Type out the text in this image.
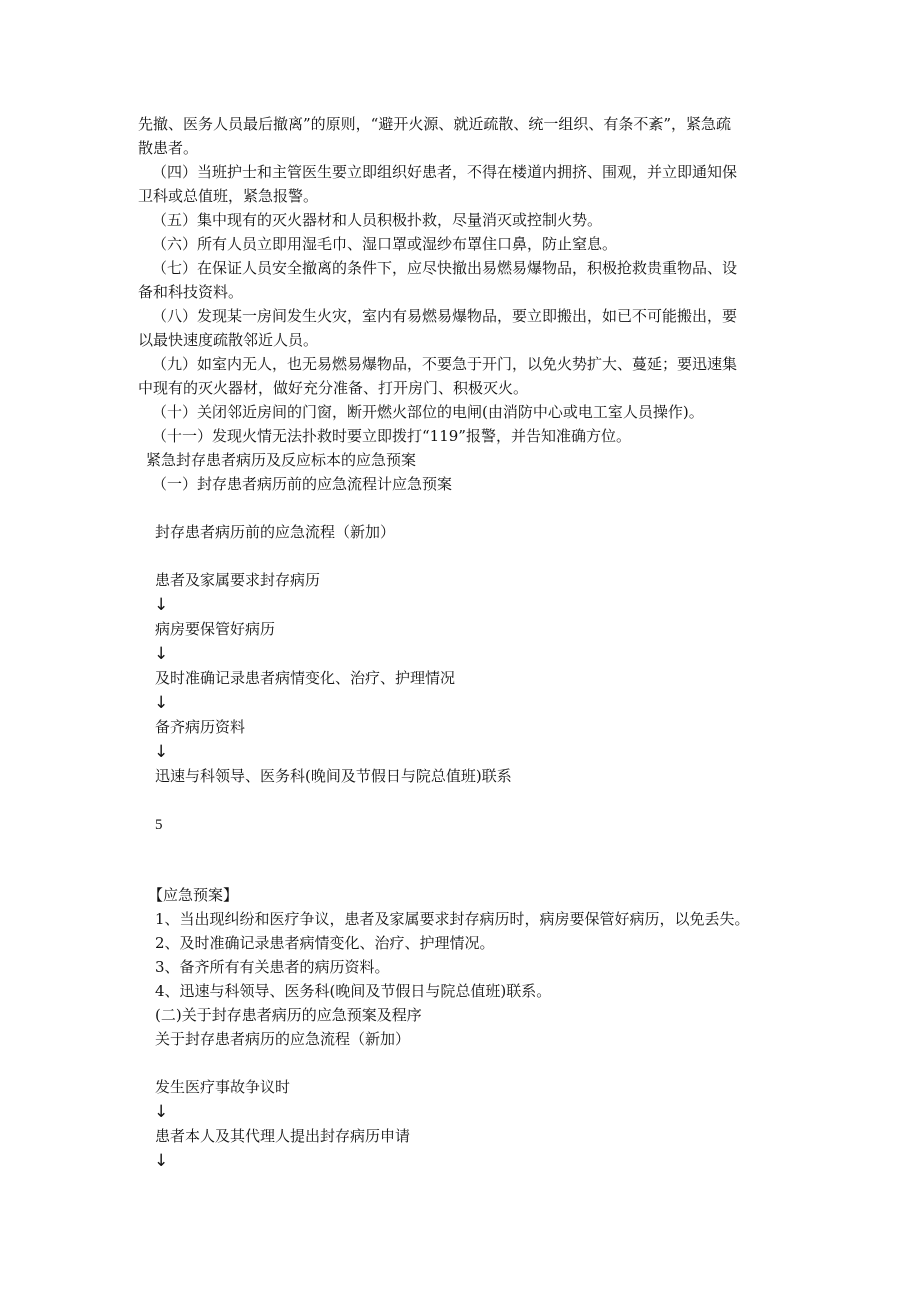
先撤、医务人员最后撤离”的原则，“避开火源、就近疏散、统一组织、有条不紊”，紧急疏
散患者。
（四）当班护士和主管医生要立即组织好患者，不得在楼道内拥挤、围观，并立即通知保
卫科或总值班，紧急报警。
（五）集中现有的灭火器材和人员积极扑救，尽量消灭或控制火势。
（六）所有人员立即用湿毛巾、湿口罩或湿纱布罩住口鼻，防止窒息。
（七）在保证人员安全撤离的条件下，应尽快撤出易燃易爆物品，积极抢救贵重物品、设
备和科技资料。
（八）发现某一房间发生火灾，室内有易燃易爆物品，要立即搬出，如已不可能搬出，要
以最快速度疏散邻近人员。
（九）如室内无人，也无易燃易爆物品，不要急于开门，以免火势扩大、蔓延；要迅速集
中现有的灭火器材，做好充分准备、打开房门、积极灭火。
（十）关闭邻近房间的门窗，断开燃火部位的电闸(由消防中心或电工室人员操作)。
（十一）发现火情无法扑救时要立即拨打“119”报警，并告知准确方位。
紧急封存患者病历及反应标本的应急预案
（一）封存患者病历前的应急流程计应急预案
封存患者病历前的应急流程（新加）
患者及家属要求封存病历
↓
病房要保管好病历
↓
及时准确记录患者病情变化、治疗、护理情况
↓
备齐病历资料
↓
迅速与科领导、医务科(晚间及节假日与院总值班)联系
5
【应急预案】
1、当出现纠纷和医疗争议，患者及家属要求封存病历时，病房要保管好病历，以免丢失。
2、及时准确记录患者病情变化、治疗、护理情况。
3、备齐所有有关患者的病历资料。
4、迅速与科领导、医务科(晚间及节假日与院总值班)联系。
(二)关于封存患者病历的应急预案及程序
关于封存患者病历的应急流程（新加）
发生医疗事故争议时
↓
患者本人及其代理人提出封存病历申请
↓
